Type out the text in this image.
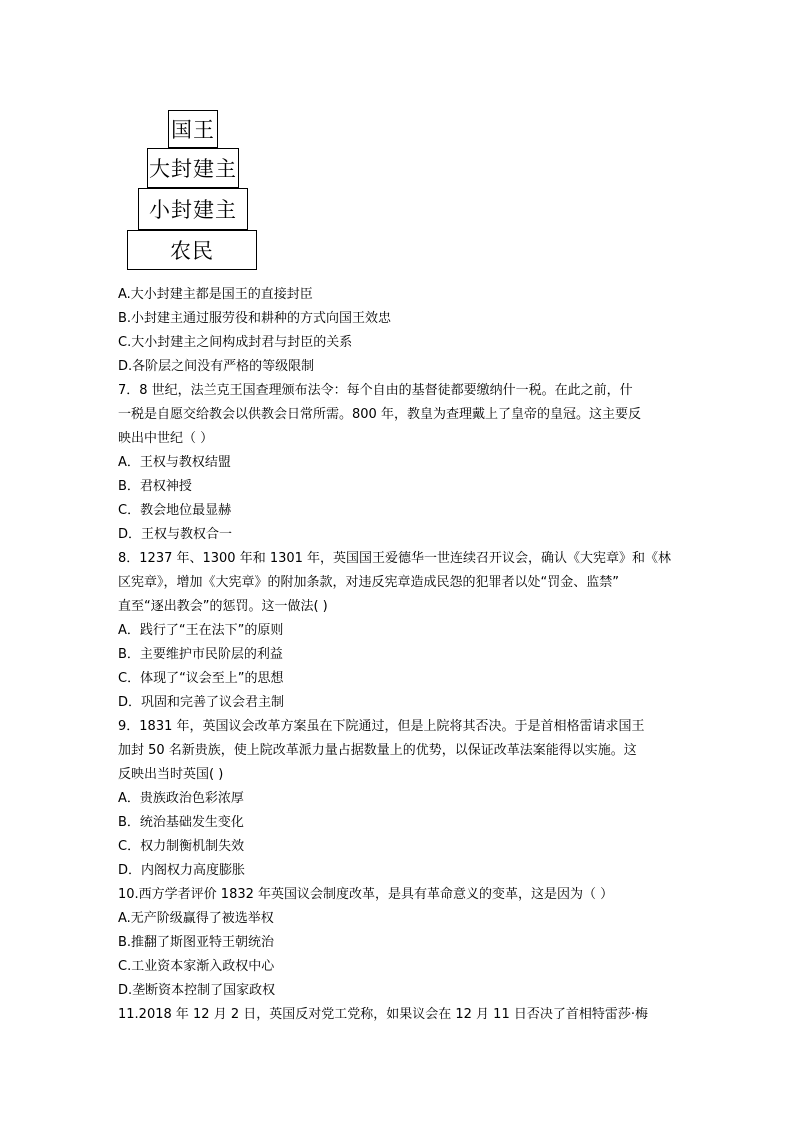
国王
大封建主
小封建主
农民
A.大小封建主都是国王的直接封臣
B.小封建主通过服劳役和耕种的方式向国王效忠
C.大小封建主之间构成封君与封臣的关系
D.各阶层之间没有严格的等级限制
7．8 世纪，法兰克王国查理颁布法令：每个自由的基督徒都要缴纳什一税。在此之前，什
一税是自愿交给教会以供教会日常所需。800 年，教皇为查理戴上了皇帝的皇冠。这主要反
映出中世纪（ ）
A．王权与教权结盟
B．君权神授
C．教会地位最显赫
D．王权与教权合一
8．1237 年、1300 年和 1301 年，英国国王爱德华一世连续召开议会，确认《大宪章》和《林
区宪章》，增加《大宪章》的附加条款，对违反宪章造成民怨的犯罪者以处“罚金、监禁”
直至“逐出教会”的惩罚。这一做法( )
A．践行了“王在法下”的原则
B．主要维护市民阶层的利益
C．体现了“议会至上”的思想
D．巩固和完善了议会君主制
9．1831 年，英国议会改革方案虽在下院通过，但是上院将其否决。于是首相格雷请求国王
加封 50 名新贵族，使上院改革派力量占据数量上的优势，以保证改革法案能得以实施。这
反映出当时英国( )
A．贵族政治色彩浓厚
B．统治基础发生变化
C．权力制衡机制失效
D．内阁权力高度膨胀
10.西方学者评价 1832 年英国议会制度改革，是具有革命意义的变革，这是因为（ ）
A.无产阶级赢得了被选举权
B.推翻了斯图亚特王朝统治
C.工业资本家渐入政权中心
D.垄断资本控制了国家政权
11.2018 年 12 月 2 日，英国反对党工党称，如果议会在 12 月 11 日否决了首相特雷莎·梅
